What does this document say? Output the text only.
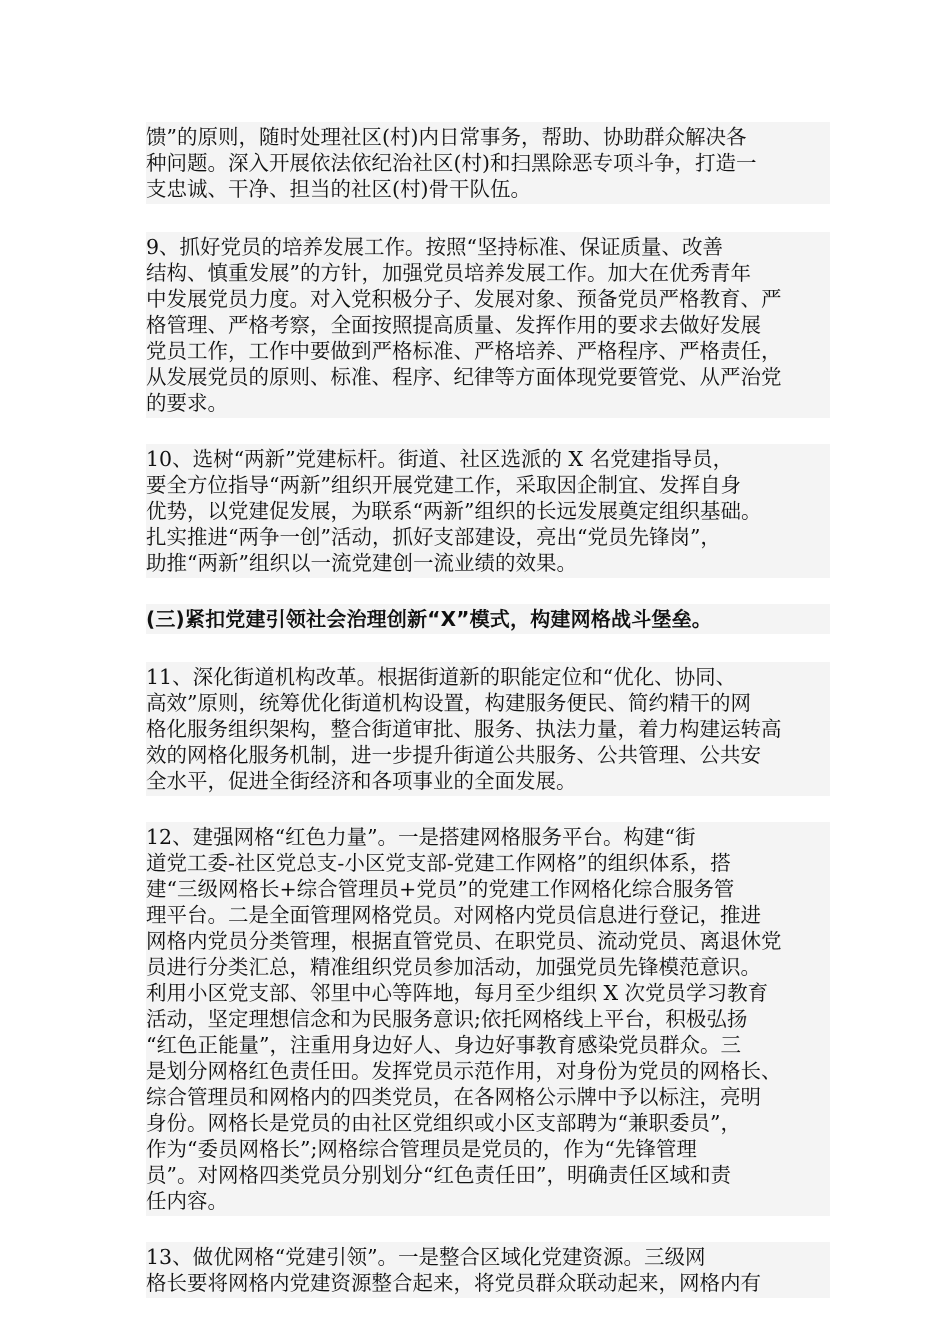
馈”的原则，随时处理社区(村)内日常事务，帮助、协助群众解决各
种问题。深入开展依法依纪治社区(村)和扫黑除恶专项斗争，打造一
支忠诚、干净、担当的社区(村)骨干队伍。
9、抓好党员的培养发展工作。按照“坚持标准、保证质量、改善
结构、慎重发展”的方针，加强党员培养发展工作。加大在优秀青年
中发展党员力度。对入党积极分子、发展对象、预备党员严格教育、严
格管理、严格考察，全面按照提高质量、发挥作用的要求去做好发展
党员工作，工作中要做到严格标准、严格培养、严格程序、严格责任，
从发展党员的原则、标准、程序、纪律等方面体现党要管党、从严治党
的要求。
10、选树“两新”党建标杆。街道、社区选派的 X 名党建指导员，
要全方位指导“两新”组织开展党建工作，采取因企制宜、发挥自身
优势，以党建促发展，为联系“两新”组织的长远发展奠定组织基础。
扎实推进“两争一创”活动，抓好支部建设，亮出“党员先锋岗”，
助推“两新”组织以一流党建创一流业绩的效果。
(三)紧扣党建引领社会治理创新“X”模式，构建网格战斗堡垒。
11、深化街道机构改革。根据街道新的职能定位和“优化、协同、
高效”原则，统筹优化街道机构设置，构建服务便民、简约精干的网
格化服务组织架构，整合街道审批、服务、执法力量，着力构建运转高
效的网格化服务机制，进一步提升街道公共服务、公共管理、公共安
全水平，促进全街经济和各项事业的全面发展。
12、建强网格“红色力量”。一是搭建网格服务平台。构建“街
道党工委-社区党总支-小区党支部-党建工作网格”的组织体系，搭
建“三级网格长+综合管理员+党员”的党建工作网格化综合服务管
理平台。二是全面管理网格党员。对网格内党员信息进行登记，推进
网格内党员分类管理，根据直管党员、在职党员、流动党员、离退休党
员进行分类汇总，精准组织党员参加活动，加强党员先锋模范意识。
利用小区党支部、邻里中心等阵地，每月至少组织 X 次党员学习教育
活动，坚定理想信念和为民服务意识;依托网格线上平台，积极弘扬
“红色正能量”，注重用身边好人、身边好事教育感染党员群众。三
是划分网格红色责任田。发挥党员示范作用，对身份为党员的网格长、
综合管理员和网格内的四类党员，在各网格公示牌中予以标注，亮明
身份。网格长是党员的由社区党组织或小区支部聘为“兼职委员”，
作为“委员网格长”;网格综合管理员是党员的，作为“先锋管理
员”。对网格四类党员分别划分“红色责任田”，明确责任区域和责
任内容。
13、做优网格“党建引领”。一是整合区域化党建资源。三级网
格长要将网格内党建资源整合起来，将党员群众联动起来，网格内有
